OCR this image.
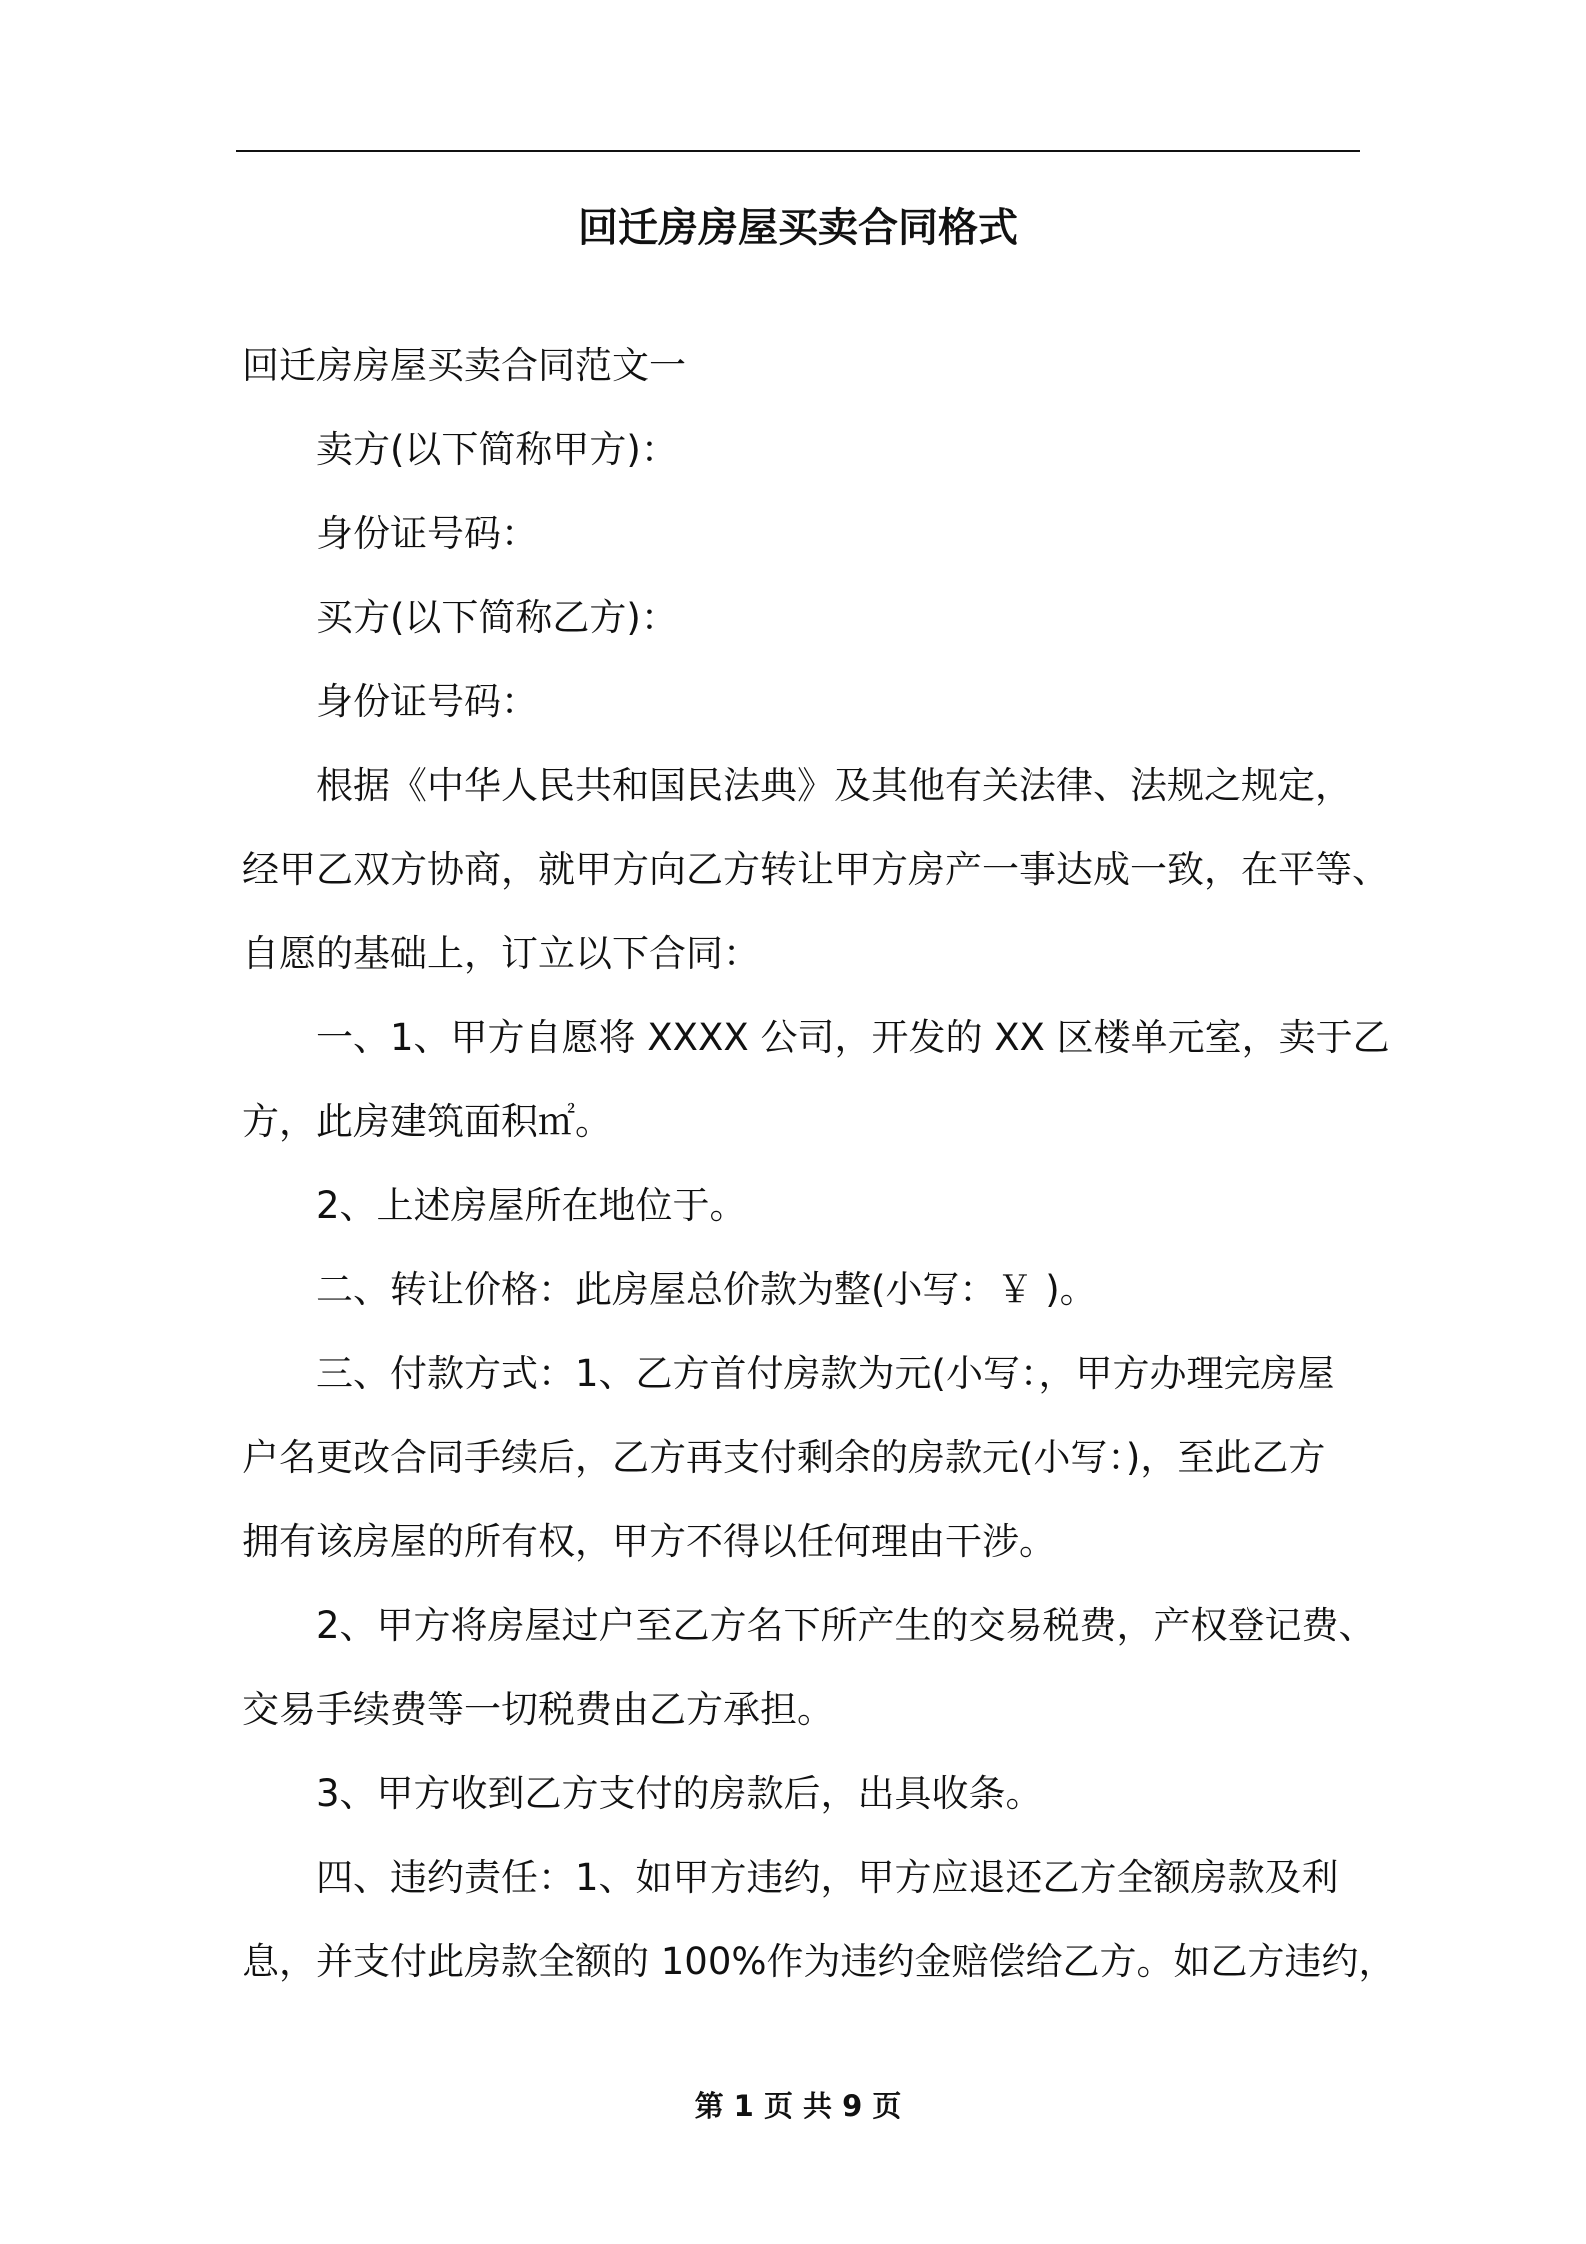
回迁房房屋买卖合同格式
回迁房房屋买卖合同范文一
卖方(以下简称甲方)：
身份证号码：
买方(以下简称乙方)：
身份证号码：
根据《中华人民共和国民法典》及其他有关法律、法规之规定，
经甲乙双方协商，就甲方向乙方转让甲方房产一事达成一致，在平等、
自愿的基础上，订立以下合同：
一、1、甲方自愿将 XXXX 公司，开发的 XX 区楼单元室，卖于乙
方，此房建筑面积㎡。
2、上述房屋所在地位于。
二、转让价格：此房屋总价款为整(小写：￥ )。
三、付款方式：1、乙方首付房款为元(小写：，甲方办理完房屋
户名更改合同手续后，乙方再支付剩余的房款元(小写：)，至此乙方
拥有该房屋的所有权，甲方不得以任何理由干涉。
2、甲方将房屋过户至乙方名下所产生的交易税费，产权登记费、
交易手续费等一切税费由乙方承担。
3、甲方收到乙方支付的房款后，出具收条。
四、违约责任：1、如甲方违约，甲方应退还乙方全额房款及利
息，并支付此房款全额的 100%作为违约金赔偿给乙方。如乙方违约，
第 1 页 共 9 页
